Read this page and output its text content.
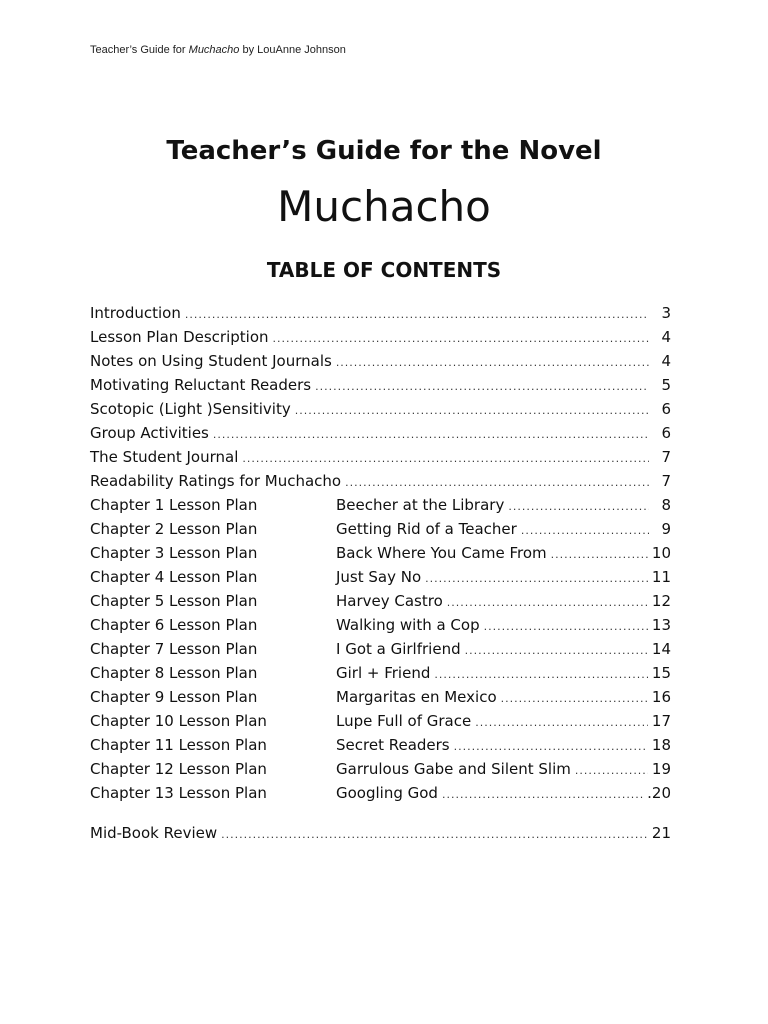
Teacher’s Guide for Muchacho by LouAnne Johnson
Teacher’s Guide for the Novel
Muchacho
TABLE OF CONTENTS
Introduction .....	3
Lesson Plan Description .....	4
Notes on Using Student Journals .....	4
Motivating Reluctant Readers .....	5
Scotopic (Light )Sensitivity .....	6
Group Activities .....	6
The Student Journal .....	7
Readability Ratings for Muchacho .....	7
Chapter 1 Lesson Plan	Beecher at the Library .....	8
Chapter 2 Lesson Plan	Getting Rid of a Teacher .....	9
Chapter 3 Lesson Plan	Back Where You Came From .....	10
Chapter 4 Lesson Plan	Just Say No .....	11
Chapter 5 Lesson Plan	Harvey Castro .....	12
Chapter 6 Lesson Plan	Walking with a Cop .....	13
Chapter 7 Lesson Plan	I Got a Girlfriend .....	14
Chapter 8 Lesson Plan	Girl + Friend .....	15
Chapter 9 Lesson Plan	Margaritas en Mexico .....	16
Chapter 10 Lesson Plan	Lupe Full of Grace .....	17
Chapter 11 Lesson Plan	Secret Readers .....	18
Chapter 12 Lesson Plan	Garrulous Gabe and Silent Slim .....	19
Chapter 13 Lesson Plan	Googling God .....	.20
Mid-Book Review .....	21
